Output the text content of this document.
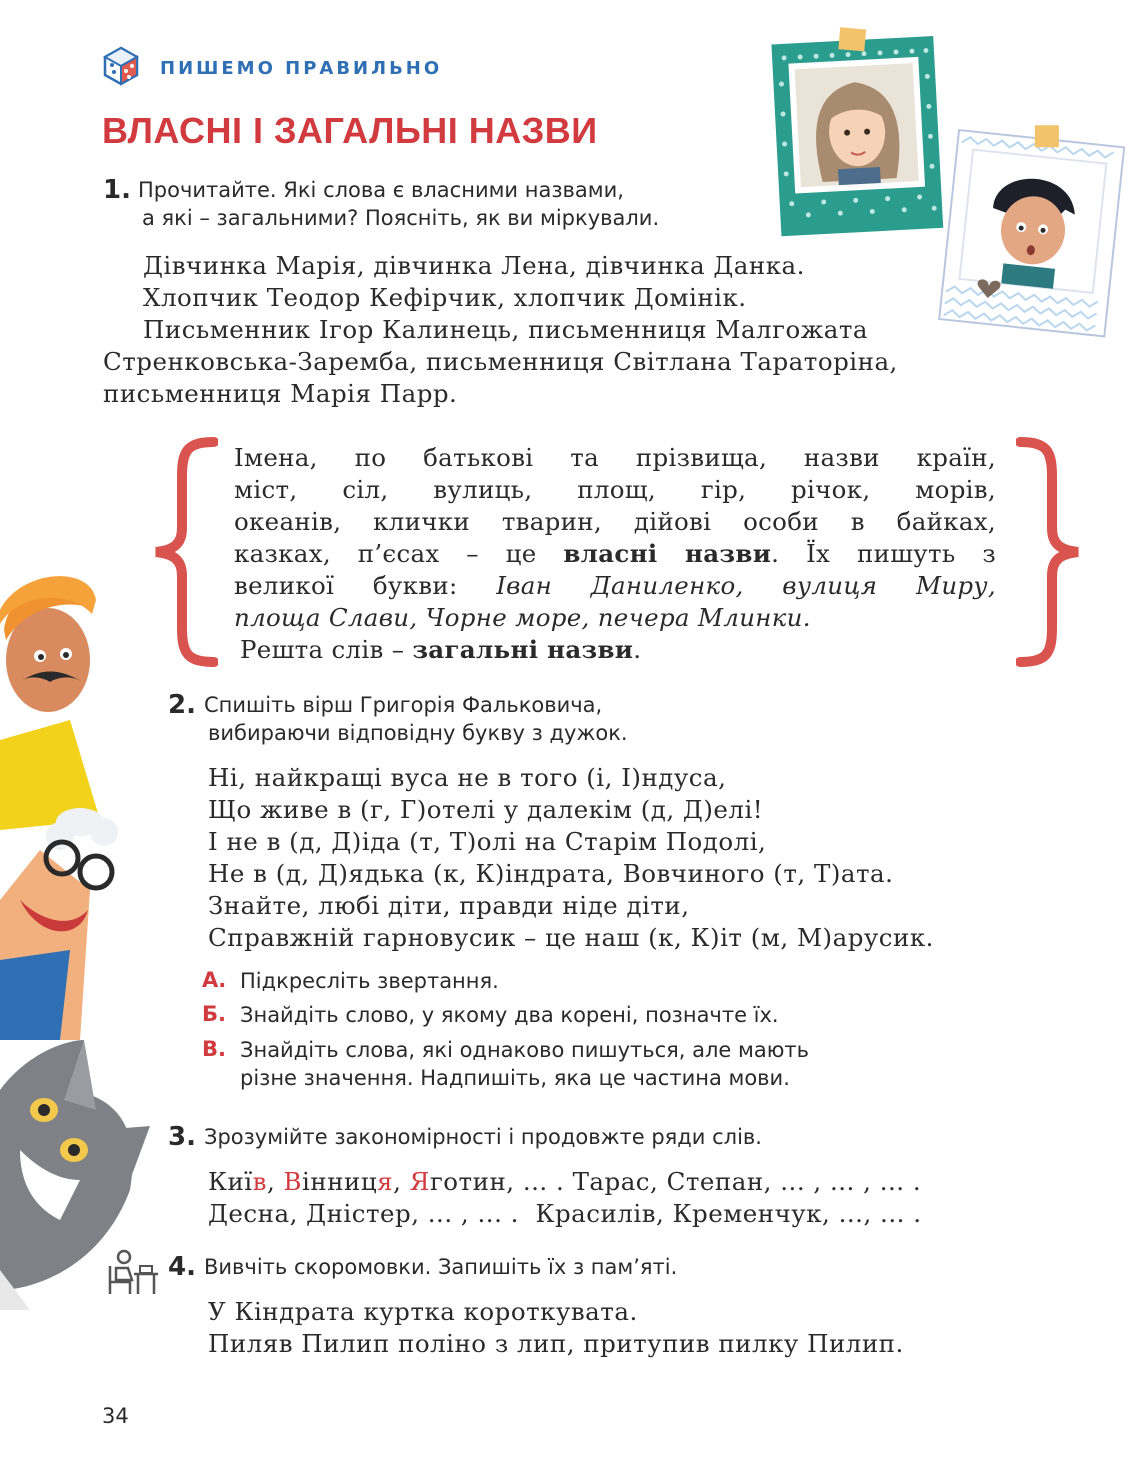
ПИШЕМО ПРАВИЛЬНО
ВЛАСНІ І ЗАГАЛЬНІ НАЗВИ
1. Прочитайте. Які слова є власними назвами,
а які – загальними? Поясніть, як ви міркували.
Дівчинка Марія, дівчинка Лена, дівчинка Данка.
Хлопчик Теодор Кефірчик, хлопчик Домінік.
Письменник Ігор Калинець, письменниця Малгожата
Стренковська-Заремба, письменниця Світлана Тараторіна,
письменниця Марія Парр.
Імена, по батькові та прізвища, назви країн,
міст, сіл, вулиць, площ, гір, річок, морів,
океанів, клички тварин, дійові особи в байках,
казках, п’єсах – це власні назви. Їх пишуть з
великої букви: Іван Даниленко, вулиця Миру,
площа Слави, Чорне море, печера Млинки.
Решта слів – загальні назви.
2. Спишіть вірш Григорія Фальковича,
вибираючи відповідну букву з дужок.
Ні, найкращі вуса не в того (і, І)ндуса,
Що живе в (г, Г)отелі у далекім (д, Д)елі!
І не в (д, Д)іда (т, Т)олі на Старім Подолі,
Не в (д, Д)ядька (к, К)індрата, Вовчиного (т, Т)ата.
Знайте, любі діти, правди ніде діти,
Справжній гарновусик – це наш (к, К)іт (м, М)арусик.
А. Підкресліть звертання.
Б. Знайдіть слово, у якому два корені, позначте їх.
В. Знайдіть слова, які однаково пишуться, але мають
різне значення. Надпишіть, яка це частина мови.
3. Зрозумійте закономірності і продовжте ряди слів.
Київ, Вінниця, Яготин, ... . Тарас, Степан, ... , ... , ... .
Десна, Дністер, ... , ... .  Красилів, Кременчук, ..., ... .
4. Вивчіть скоромовки. Запишіть їх з пам’яті.
У Кіндрата куртка короткувата.
Пиляв Пилип поліно з лип, притупив пилку Пилип.
34
